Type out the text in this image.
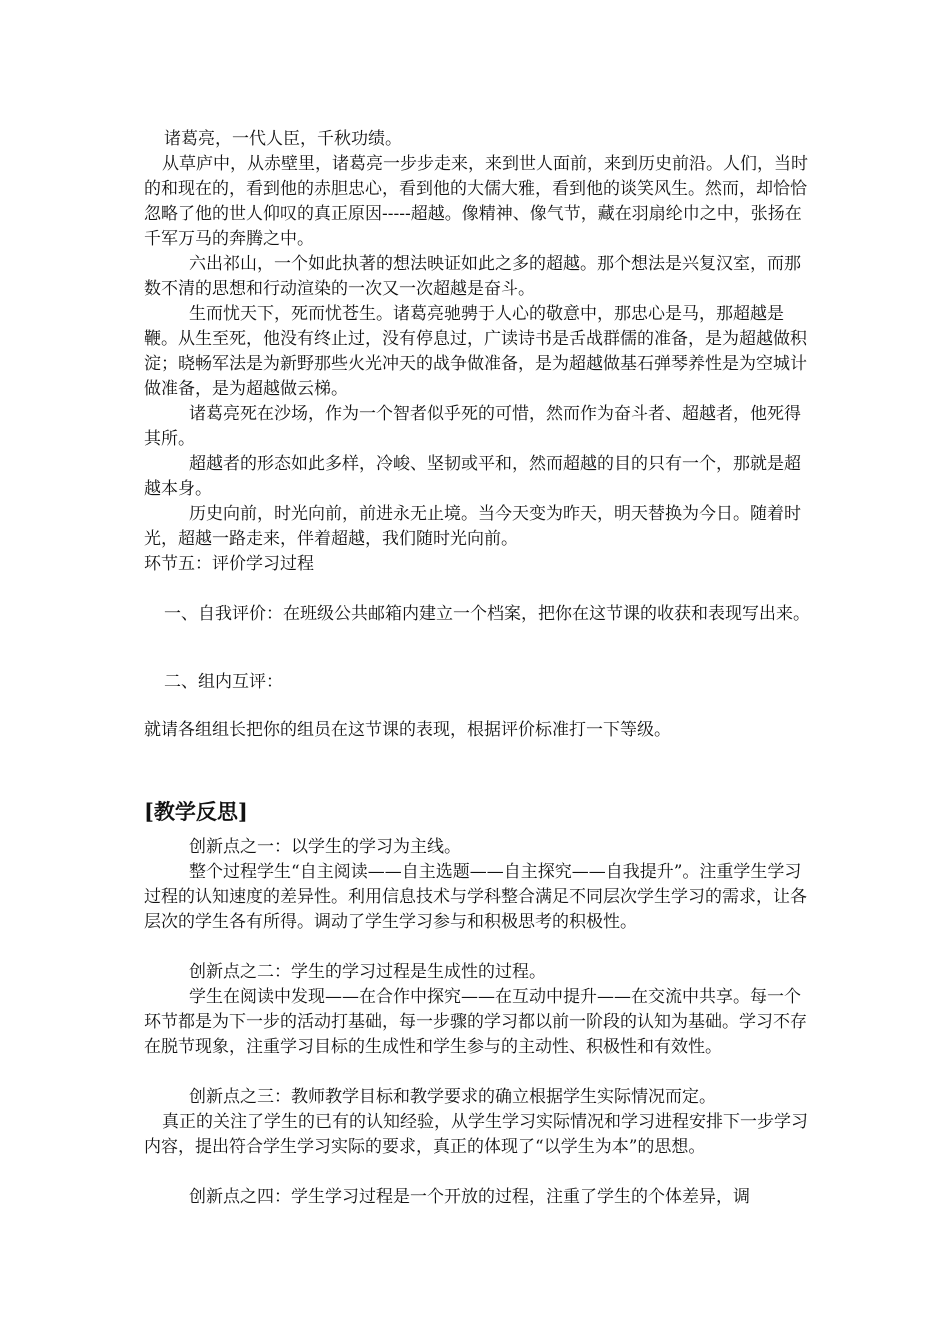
诸葛亮，一代人臣，千秋功绩。

从草庐中，从赤壁里，诸葛亮一步步走来，来到世人面前，来到历史前沿。人们，当时的和现在的，看到他的赤胆忠心，看到他的大儒大雅，看到他的谈笑风生。然而，却恰恰忽略了他的世人仰叹的真正原因-----超越。像精神、像气节，藏在羽扇纶巾之中，张扬在千军万马的奔腾之中。

六出祁山，一个如此执著的想法映证如此之多的超越。那个想法是兴复汉室，而那数不清的思想和行动渲染的一次又一次超越是奋斗。

生而忧天下，死而忧苍生。诸葛亮驰骋于人心的敬意中，那忠心是马，那超越是鞭。从生至死，他没有终止过，没有停息过，广读诗书是舌战群儒的准备，是为超越做积淀；晓畅军法是为新野那些火光冲天的战争做准备，是为超越做基石弹琴养性是为空城计做准备，是为超越做云梯。

诸葛亮死在沙场，作为一个智者似乎死的可惜，然而作为奋斗者、超越者，他死得其所。

超越者的形态如此多样，冷峻、坚韧或平和，然而超越的目的只有一个，那就是超越本身。

历史向前，时光向前，前进永无止境。当今天变为昨天，明天替换为今日。随着时光，超越一路走来，伴着超越，我们随时光向前。

环节五：评价学习过程

一、自我评价：在班级公共邮箱内建立一个档案，把你在这节课的收获和表现写出来。

二、组内互评：

就请各组组长把你的组员在这节课的表现，根据评价标准打一下等级。

[教学反思]

创新点之一：以学生的学习为主线。

整个过程学生“自主阅读——自主选题——自主探究——自我提升”。注重学生学习过程的认知速度的差异性。利用信息技术与学科整合满足不同层次学生学习的需求，让各层次的学生各有所得。调动了学生学习参与和积极思考的积极性。

创新点之二：学生的学习过程是生成性的过程。

学生在阅读中发现——在合作中探究——在互动中提升——在交流中共享。每一个环节都是为下一步的活动打基础，每一步骤的学习都以前一阶段的认知为基础。学习不存在脱节现象，注重学习目标的生成性和学生参与的主动性、积极性和有效性。

创新点之三：教师教学目标和教学要求的确立根据学生实际情况而定。

真正的关注了学生的已有的认知经验，从学生学习实际情况和学习进程安排下一步学习内容，提出符合学生学习实际的要求，真正的体现了“以学生为本”的思想。

创新点之四：学生学习过程是一个开放的过程，注重了学生的个体差异，调
